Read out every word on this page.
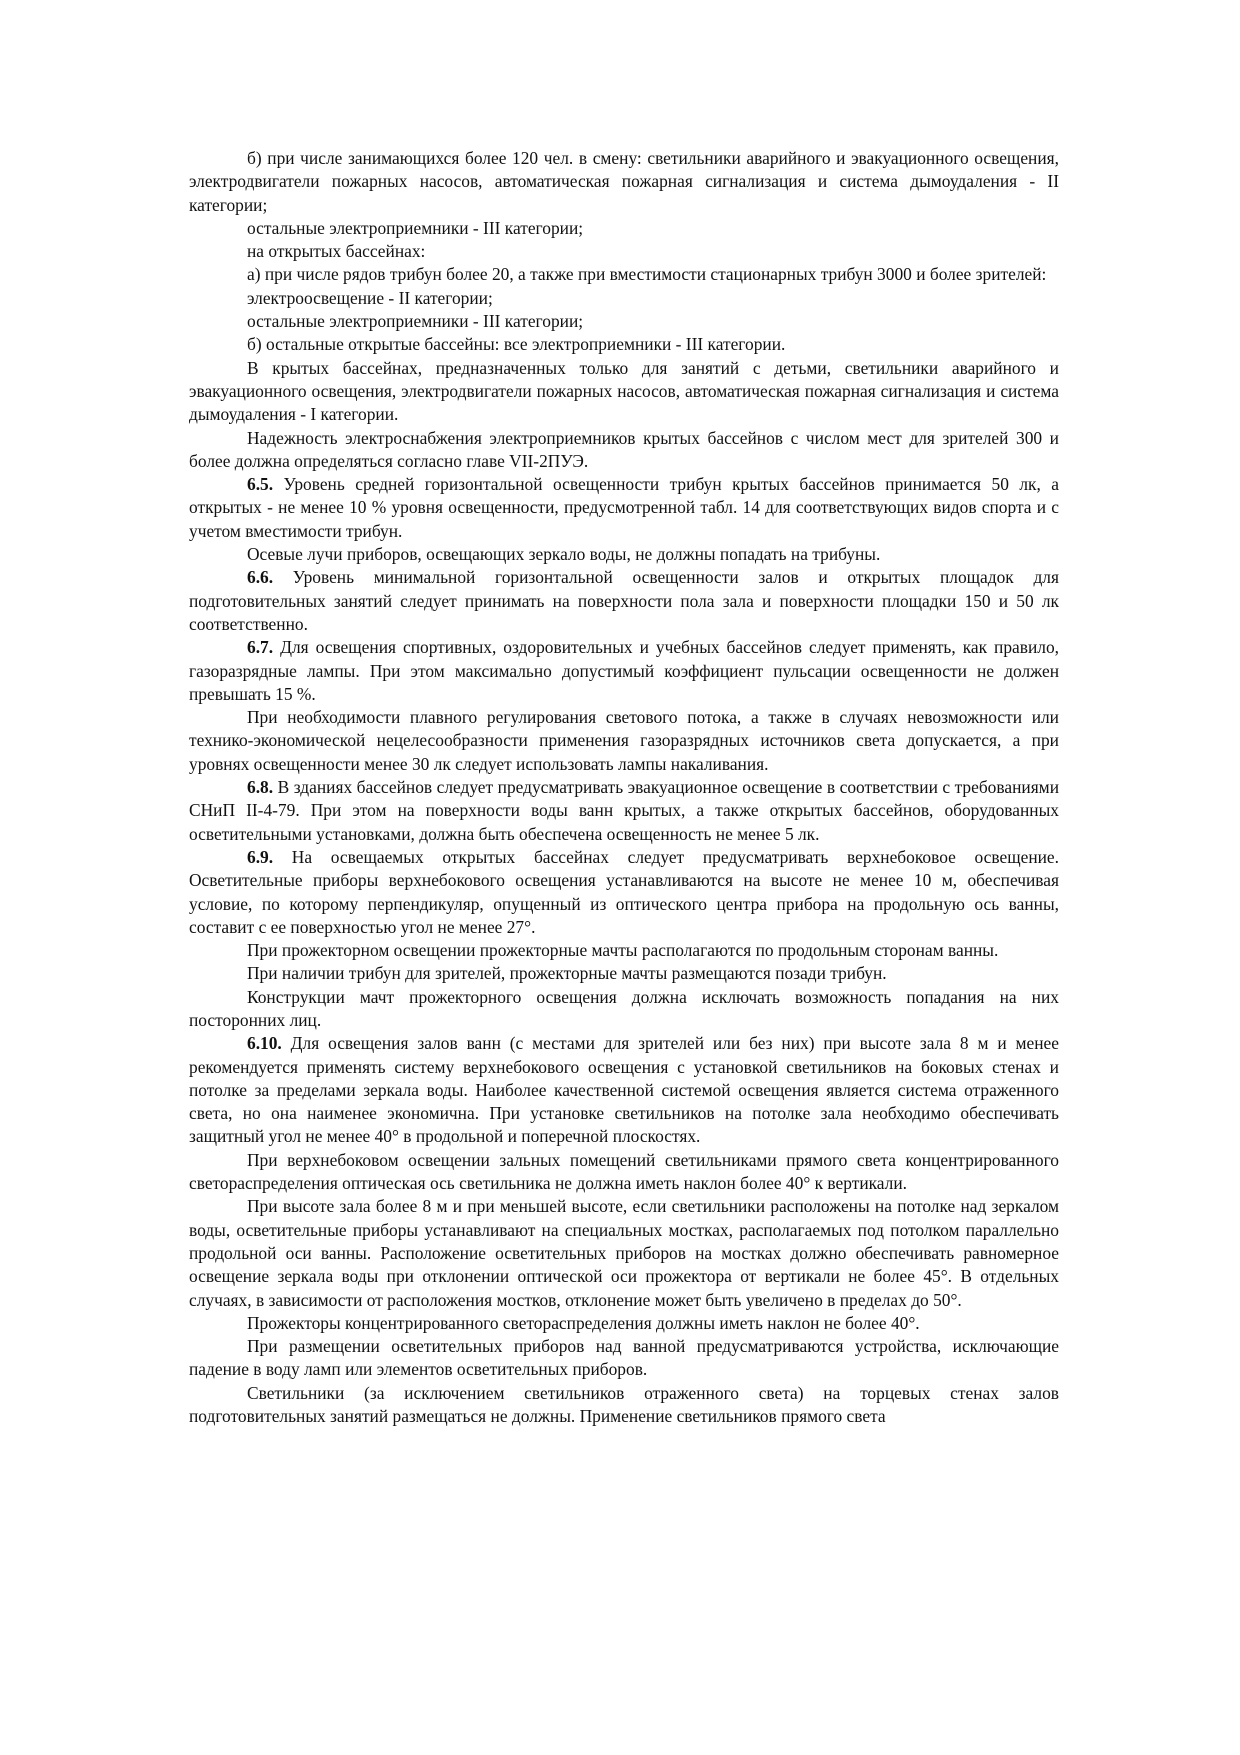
б) при числе занимающихся более 120 чел. в смену: светильники аварийного и эвакуационного освещения, электродвигатели пожарных насосов, автоматическая пожарная сигнализация и система дымоудаления - II категории;

остальные электроприемники - III категории;

на открытых бассейнах:

а) при числе рядов трибун более 20, а также при вместимости стационарных трибун 3000 и более зрителей:

электроосвещение - II категории;

остальные электроприемники - III категории;

б) остальные открытые бассейны: все электроприемники - III категории.

В крытых бассейнах, предназначенных только для занятий с детьми, светильники аварийного и эвакуационного освещения, электродвигатели пожарных насосов, автоматическая пожарная сигнализация и система дымоудаления - I категории.

Надежность электроснабжения электроприемников крытых бассейнов с числом мест для зрителей 300 и более должна определяться согласно главе VII-2ПУЭ.

6.5. Уровень средней горизонтальной освещенности трибун крытых бассейнов принимается 50 лк, а открытых - не менее 10 % уровня освещенности, предусмотренной табл. 14 для соответствующих видов спорта и с учетом вместимости трибун.

Осевые лучи приборов, освещающих зеркало воды, не должны попадать на трибуны.

6.6. Уровень минимальной горизонтальной освещенности залов и открытых площадок для подготовительных занятий следует принимать на поверхности пола зала и поверхности площадки 150 и 50 лк соответственно.

6.7. Для освещения спортивных, оздоровительных и учебных бассейнов следует применять, как правило, газоразрядные лампы. При этом максимально допустимый коэффициент пульсации освещенности не должен превышать 15 %.

При необходимости плавного регулирования светового потока, а также в случаях невозможности или технико-экономической нецелесообразности применения газоразрядных источников света допускается, а при уровнях освещенности менее 30 лк следует использовать лампы накаливания.

6.8. В зданиях бассейнов следует предусматривать эвакуационное освещение в соответствии с требованиями СНиП II-4-79. При этом на поверхности воды ванн крытых, а также открытых бассейнов, оборудованных осветительными установками, должна быть обеспечена освещенность не менее 5 лк.

6.9. На освещаемых открытых бассейнах следует предусматривать верхнебоковое освещение. Осветительные приборы верхнебокового освещения устанавливаются на высоте не менее 10 м, обеспечивая условие, по которому перпендикуляр, опущенный из оптического центра прибора на продольную ось ванны, составит с ее поверхностью угол не менее 27°.

При прожекторном освещении прожекторные мачты располагаются по продольным сторонам ванны.

При наличии трибун для зрителей, прожекторные мачты размещаются позади трибун.

Конструкции мачт прожекторного освещения должна исключать возможность попадания на них посторонних лиц.

6.10. Для освещения залов ванн (с местами для зрителей или без них) при высоте зала 8 м и менее рекомендуется применять систему верхнебокового освещения с установкой светильников на боковых стенах и потолке за пределами зеркала воды. Наиболее качественной системой освещения является система отраженного света, но она наименее экономична. При установке светильников на потолке зала необходимо обеспечивать защитный угол не менее 40° в продольной и поперечной плоскостях.

При верхнебоковом освещении зальных помещений светильниками прямого света концентрированного светораспределения оптическая ось светильника не должна иметь наклон более 40° к вертикали.

При высоте зала более 8 м и при меньшей высоте, если светильники расположены на потолке над зеркалом воды, осветительные приборы устанавливают на специальных мостках, располагаемых под потолком параллельно продольной оси ванны. Расположение осветительных приборов на мостках должно обеспечивать равномерное освещение зеркала воды при отклонении оптической оси прожектора от вертикали не более 45°. В отдельных случаях, в зависимости от расположения мостков, отклонение может быть увеличено в пределах до 50°.

Прожекторы концентрированного светораспределения должны иметь наклон не более 40°.

При размещении осветительных приборов над ванной предусматриваются устройства, исключающие падение в воду ламп или элементов осветительных приборов.

Светильники (за исключением светильников отраженного света) на торцевых стенах залов подготовительных занятий размещаться не должны. Применение светильников прямого света
